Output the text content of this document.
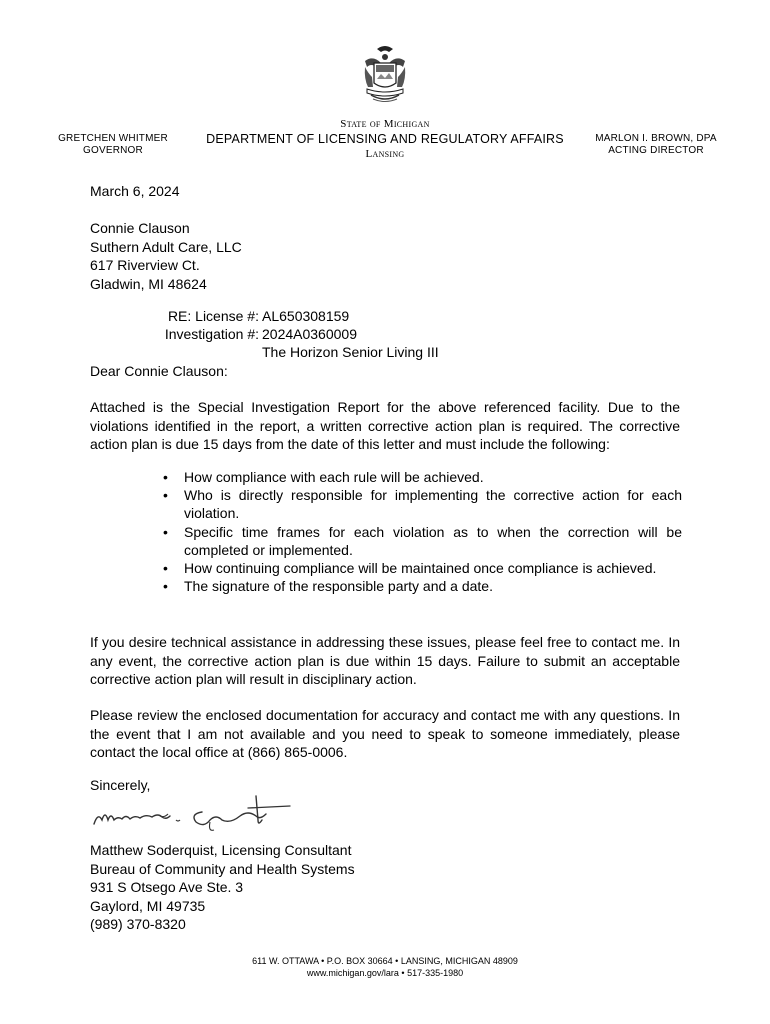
GRETCHEN WHITMER
GOVERNOR
State of Michigan
DEPARTMENT OF LICENSING AND REGULATORY AFFAIRS
Lansing
MARLON I. BROWN, DPA
ACTING DIRECTOR
March 6, 2024
Connie Clauson
Suthern Adult Care, LLC
617 Riverview Ct.
Gladwin, MI 48624
RE: License #: AL650308159
Investigation #: 2024A0360009
The Horizon Senior Living III
Dear Connie Clauson:
Attached is the Special Investigation Report for the above referenced facility. Due to the violations identified in the report, a written corrective action plan is required. The corrective action plan is due 15 days from the date of this letter and must include the following:
• How compliance with each rule will be achieved.
• Who is directly responsible for implementing the corrective action for each violation.
• Specific time frames for each violation as to when the correction will be completed or implemented.
• How continuing compliance will be maintained once compliance is achieved.
• The signature of the responsible party and a date.
If you desire technical assistance in addressing these issues, please feel free to contact me. In any event, the corrective action plan is due within 15 days. Failure to submit an acceptable corrective action plan will result in disciplinary action.
Please review the enclosed documentation for accuracy and contact me with any questions. In the event that I am not available and you need to speak to someone immediately, please contact the local office at (866) 865-0006.
Sincerely,
Matthew Soderquist, Licensing Consultant
Bureau of Community and Health Systems
931 S Otsego Ave Ste. 3
Gaylord, MI 49735
(989) 370-8320
611 W. OTTAWA • P.O. BOX 30664 • LANSING, MICHIGAN 48909
www.michigan.gov/lara • 517-335-1980
